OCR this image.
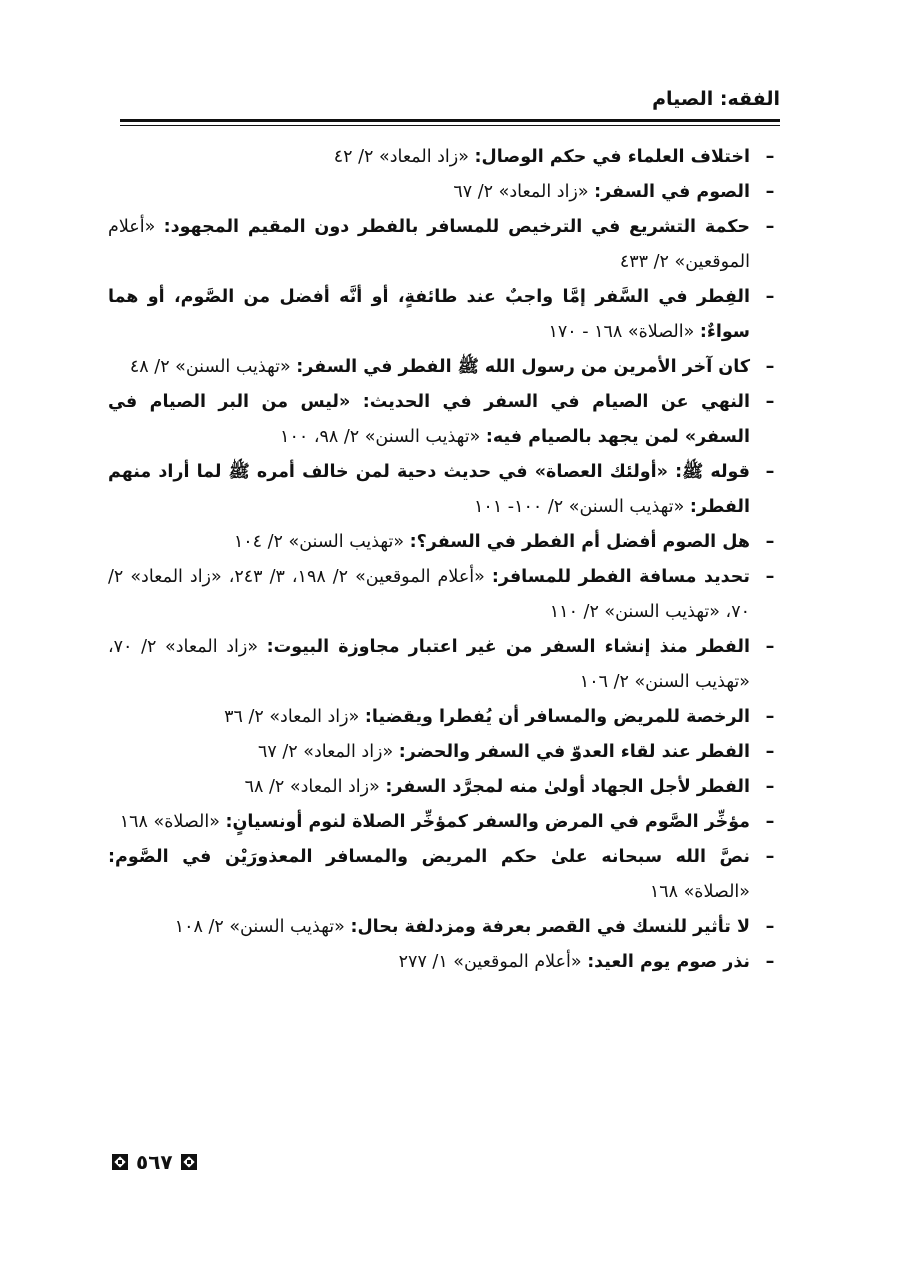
الفقه: الصيام
–
اختلاف العلماء في حكم الوصال: «زاد المعاد» ٢/ ٤٢
–
الصوم في السفر: «زاد المعاد» ٢/ ٦٧
–
حكمة التشريع في الترخيص للمسافر بالفطر دون المقيم المجهود: «أعلام الموقعين» ٢/ ٤٣٣
–
الفِطر في السَّفر إمَّا واجبٌ عند طائفةٍ، أو أنَّه أفضل من الصَّوم، أو هما سواءٌ: «الصلاة» ١٦٨ - ١٧٠
–
كان آخر الأمرين من رسول الله ﷺ الفطر في السفر: «تهذيب السنن» ٢/ ٤٨
–
النهي عن الصيام في السفر في الحديث: «ليس من البر الصيام في السفر» لمن يجهد بالصيام فيه: «تهذيب السنن» ٢/ ٩٨، ١٠٠
–
قوله ﷺ: «أولئك العصاة» في حديث دحية لمن خالف أمره ﷺ لما أراد منهم الفطر: «تهذيب السنن» ٢/ ١٠٠- ١٠١
–
هل الصوم أفضل أم الفطر في السفر؟: «تهذيب السنن» ٢/ ١٠٤
–
تحديد مسافة الفطر للمسافر: «أعلام الموقعين» ٢/ ١٩٨، ٣/ ٢٤٣، «زاد المعاد» ٢/ ٧٠، «تهذيب السنن» ٢/ ١١٠
–
الفطر منذ إنشاء السفر من غير اعتبار مجاوزة البيوت: «زاد المعاد» ٢/ ٧٠، «تهذيب السنن» ٢/ ١٠٦
–
الرخصة للمريض والمسافر أن يُفطرا ويقضيا: «زاد المعاد» ٢/ ٣٦
–
الفطر عند لقاء العدوّ في السفر والحضر: «زاد المعاد» ٢/ ٦٧
–
الفطر لأجل الجهاد أولىٰ منه لمجرَّد السفر: «زاد المعاد» ٢/ ٦٨
–
مؤخِّر الصَّوم في المرض والسفر كمؤخِّر الصلاة لنوم أونسيانٍ: «الصلاة» ١٦٨
–
نصَّ الله سبحانه علىٰ حكم المريض والمسافر المعذورَيْن في الصَّوم: «الصلاة» ١٦٨
–
لا تأثير للنسك في القصر بعرفة ومزدلفة بحال: «تهذيب السنن» ٢/ ١٠٨
–
نذر صوم يوم العيد: «أعلام الموقعين» ١/ ٢٧٧
٥٦٧
